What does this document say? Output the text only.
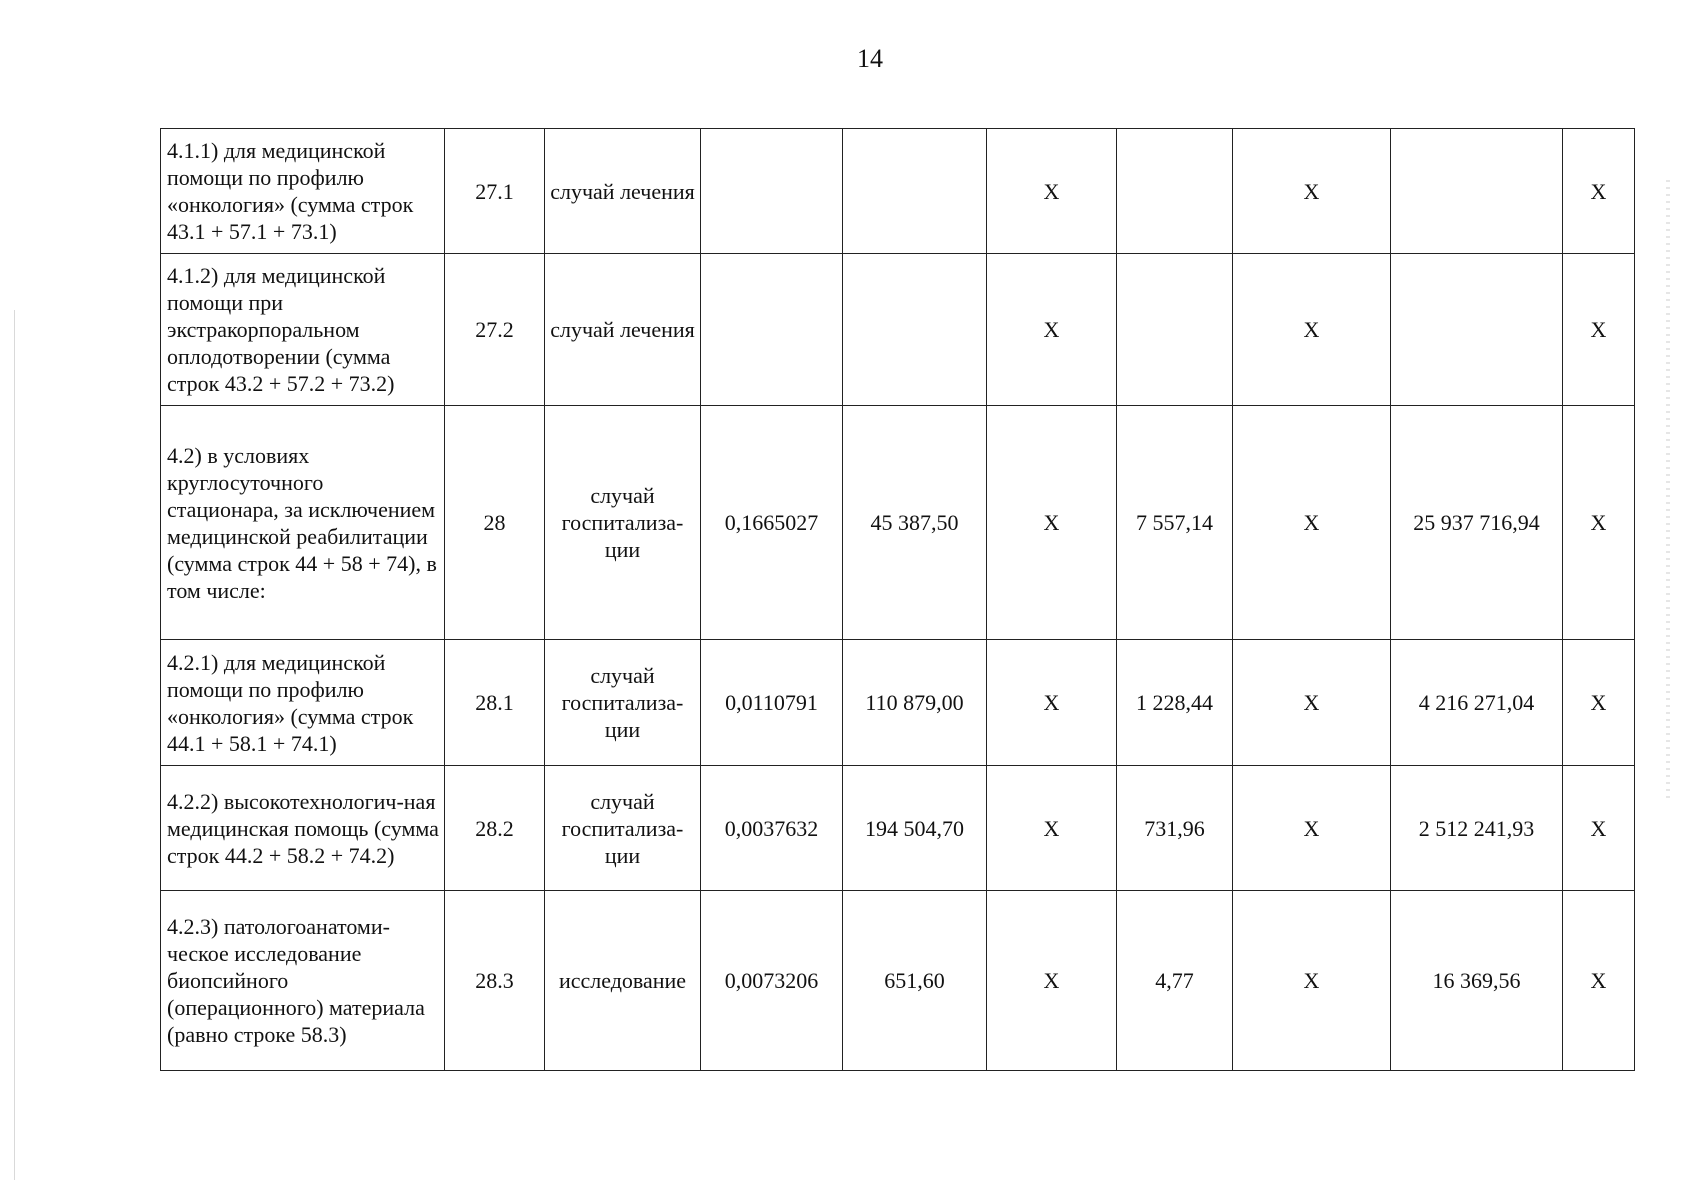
14
4.1.1) для медицинской помощи по профилю «онкология» (сумма строк 43.1 + 57.1 + 73.1)	27.1	случай лечения			X		X		X
4.1.2) для медицинской помощи при экстракорпоральном оплодотворении (сумма строк 43.2 + 57.2 + 73.2)	27.2	случай лечения			X		X		X
4.2) в условиях круглосуточного стационара, за исключением медицинской реабилитации (сумма строк 44 + 58 + 74), в том числе:	28	случай госпитализа-ции	0,1665027	45 387,50	X	7 557,14	X	25 937 716,94	X
4.2.1) для медицинской помощи по профилю «онкология» (сумма строк 44.1 + 58.1 + 74.1)	28.1	случай госпитализа-ции	0,0110791	110 879,00	X	1 228,44	X	4 216 271,04	X
4.2.2) высокотехнологич-ная медицинская помощь (сумма строк 44.2 + 58.2 + 74.2)	28.2	случай госпитализа-ции	0,0037632	194 504,70	X	731,96	X	2 512 241,93	X
4.2.3) патологоанатоми-ческое исследование биопсийного (операционного) материала (равно строке 58.3)	28.3	исследование	0,0073206	651,60	X	4,77	X	16 369,56	X
